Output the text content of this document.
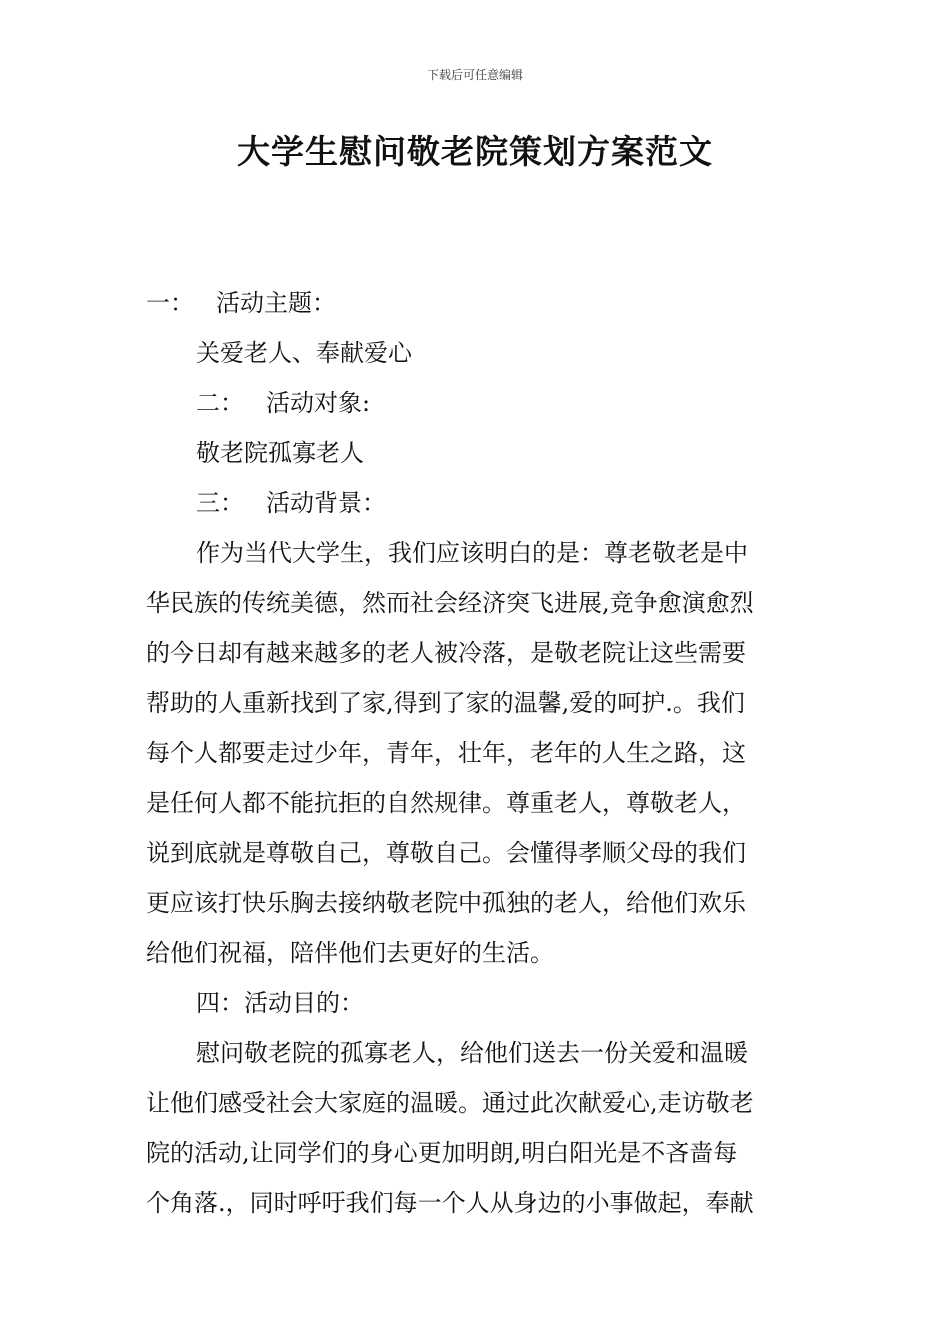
下载后可任意编辑
大学生慰问敬老院策划方案范文
一： 活动主题：
关爱老人、奉献爱心
二： 活动对象:
敬老院孤寡老人
三： 活动背景：
作为当代大学生，我们应该明白的是：尊老敬老是中
华民族的传统美德，然而社会经济突飞进展,竞争愈演愈烈
的今日却有越来越多的老人被冷落，是敬老院让这些需要
帮助的人重新找到了家,得到了家的温馨,爱的呵护.。我们
每个人都要走过少年，青年，壮年，老年的人生之路，这
是任何人都不能抗拒的自然规律。尊重老人，尊敬老人，
说到底就是尊敬自己，尊敬自己。会懂得孝顺父母的我们
更应该打快乐胸去接纳敬老院中孤独的老人，给他们欢乐
给他们祝福，陪伴他们去更好的生活。
四：活动目的：
慰问敬老院的孤寡老人，给他们送去一份关爱和温暖
让他们感受社会大家庭的温暖。通过此次献爱心,走访敬老
院的活动,让同学们的身心更加明朗,明白阳光是不吝啬每
个角落.，同时呼吁我们每一个人从身边的小事做起，奉献
